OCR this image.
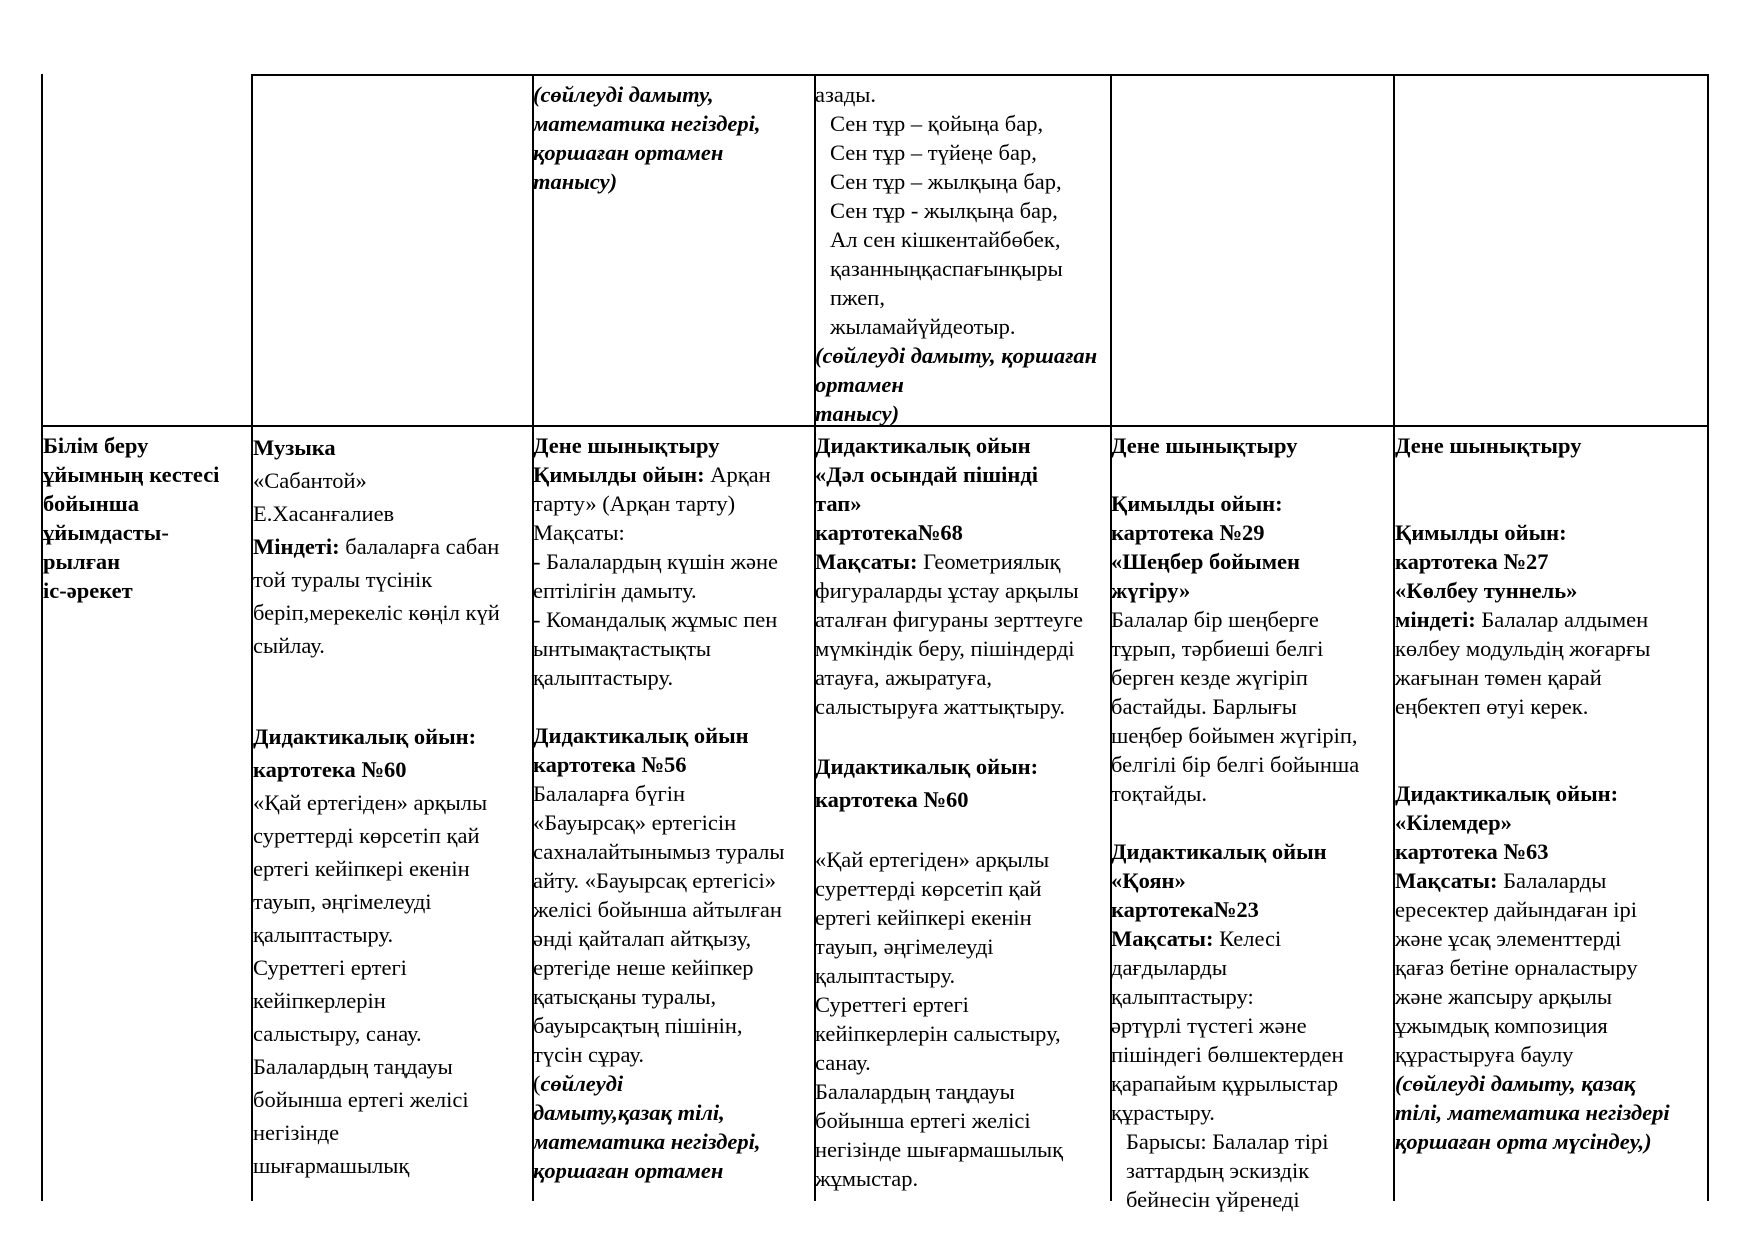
(сөйлеуді дамыту,
математика негіздері,
қоршаған ортамен
танысу)
азады.
Сен тұр – қойыңа бар,
Сен тұр – түйеңе бар,
Сен тұр – жылқыңа бар,
Сен тұр - жылқыңа бар,
Ал сен кішкентайбөбек,
қазанныңқаспағынқыры
пжеп,
жыламайүйдеотыр.
(сөйлеуді дамыту, қоршаған
ортамен
танысу)
Білім беру
ұйымның кестесі
бойынша
ұйымдасты-
рылған
іс-әрекет
Музыка
«Сабантой»
Е.Хасанғалиев
Міндеті: балаларға сабан
той туралы түсінік
беріп,мерекеліс көңіл күй
сыйлау.
Дидактикалық ойын:
картотека №60
«Қай ертегіден» арқылы
суреттерді көрсетіп қай
ертегі кейіпкері екенін
тауып, әңгімелеуді
қалыптастыру.
Суреттегі ертегі
кейіпкерлерін
салыстыру, санау.
Балалардың таңдауы
бойынша ертегі желісі
негізінде
шығармашылық
Дене шынықтыру
Қимылды ойын: Арқан
тарту» (Арқан тарту)
Мақсаты:
- Балалардың күшін және
ептілігін дамыту.
- Командалық жұмыс пен
ынтымақтастықты
қалыптастыру.
Дидактикалық ойын
картотека №56
Балаларға бүгін
«Бауырсақ» ертегісін
сахналайтынымыз туралы
айту. «Бауырсақ ертегісі»
желісі бойынша айтылған
әнді қайталап айтқызу,
ертегіде неше кейіпкер
қатысқаны туралы,
бауырсақтың пішінін,
түсін сұрау.
(сөйлеуді
дамыту,қазақ тілі,
математика негіздері,
қоршаған ортамен
Дидактикалық ойын
«Дәл осындай пішінді
тап»
картотека№68
Мақсаты: Геометриялық
фигураларды ұстау арқылы
аталған фигураны зерттеуге
мүмкіндік беру, пішіндерді
атауға, ажыратуға,
салыстыруға жаттықтыру.
Дидактикалық ойын:
картотека №60
«Қай ертегіден» арқылы
суреттерді көрсетіп қай
ертегі кейіпкері екенін
тауып, әңгімелеуді
қалыптастыру.
Суреттегі ертегі
кейіпкерлерін салыстыру,
санау.
Балалардың таңдауы
бойынша ертегі желісі
негізінде шығармашылық
жұмыстар.
Дене шынықтыру
Қимылды ойын:
картотека №29
«Шеңбер бойымен
жүгіру»
Балалар бір шеңберге
тұрып, тәрбиеші белгі
берген кезде жүгіріп
бастайды. Барлығы
шеңбер бойымен жүгіріп,
белгілі бір белгі бойынша
тоқтайды.
Дидактикалық ойын
«Қоян»
картотека№23
Мақсаты: Келесі
дағдыларды
қалыптастыру:
әртүрлі түстегі және
пішіндегі бөлшектерден
қарапайым құрылыстар
құрастыру.
Барысы: Балалар тірі
заттардың эскиздік
бейнесін үйренеді
Дене шынықтыру
Қимылды ойын:
картотека №27
«Көлбеу туннель»
міндеті: Балалар алдымен
көлбеу модульдің жоғарғы
жағынан төмен қарай
еңбектеп өтуі керек.
Дидактикалық ойын:
«Кілемдер»
картотека №63
Мақсаты: Балаларды
ересектер дайындаған ірі
және ұсақ элементтерді
қағаз бетіне орналастыру
және жапсыру арқылы
ұжымдық композиция
құрастыруға баулу
(сөйлеуді дамыту, қазақ
тілі, математика негіздері
қоршаған орта мүсіндеу,)
